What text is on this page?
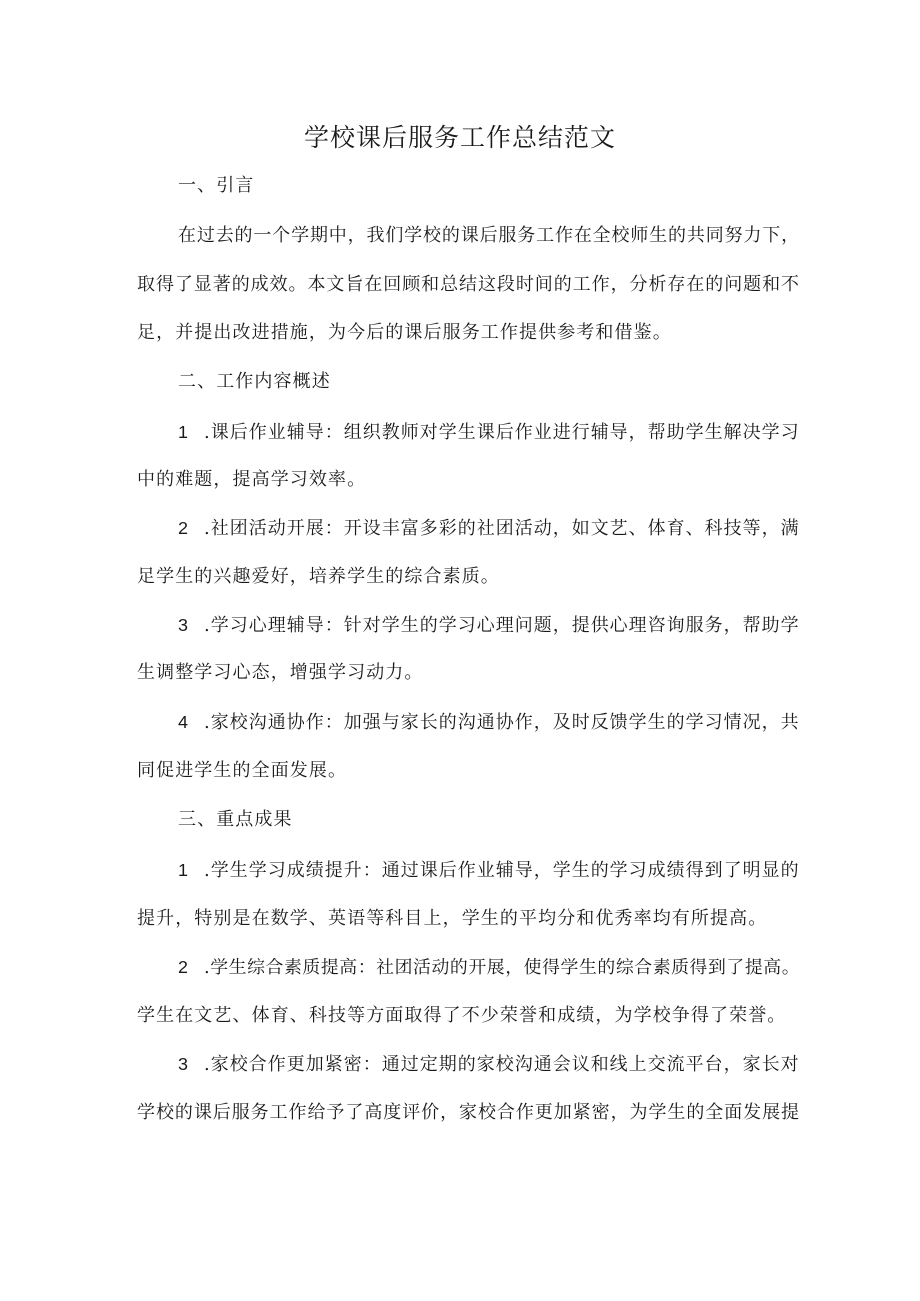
学校课后服务工作总结范文
一、引言
在过去的一个学期中，我们学校的课后服务工作在全校师生的共同努力下，
取得了显著的成效。本文旨在回顾和总结这段时间的工作，分析存在的问题和不
足，并提出改进措施，为今后的课后服务工作提供参考和借鉴。
二、工作内容概述
1 .课后作业辅导：组织教师对学生课后作业进行辅导，帮助学生解决学习
中的难题，提高学习效率。
2 .社团活动开展：开设丰富多彩的社团活动，如文艺、体育、科技等，满
足学生的兴趣爱好，培养学生的综合素质。
3 .学习心理辅导：针对学生的学习心理问题，提供心理咨询服务，帮助学
生调整学习心态，增强学习动力。
4 .家校沟通协作：加强与家长的沟通协作，及时反馈学生的学习情况，共
同促进学生的全面发展。
三、重点成果
1 .学生学习成绩提升：通过课后作业辅导，学生的学习成绩得到了明显的
提升，特别是在数学、英语等科目上，学生的平均分和优秀率均有所提高。
2 .学生综合素质提高：社团活动的开展，使得学生的综合素质得到了提高。
学生在文艺、体育、科技等方面取得了不少荣誉和成绩，为学校争得了荣誉。
3 .家校合作更加紧密：通过定期的家校沟通会议和线上交流平台，家长对
学校的课后服务工作给予了高度评价，家校合作更加紧密，为学生的全面发展提
